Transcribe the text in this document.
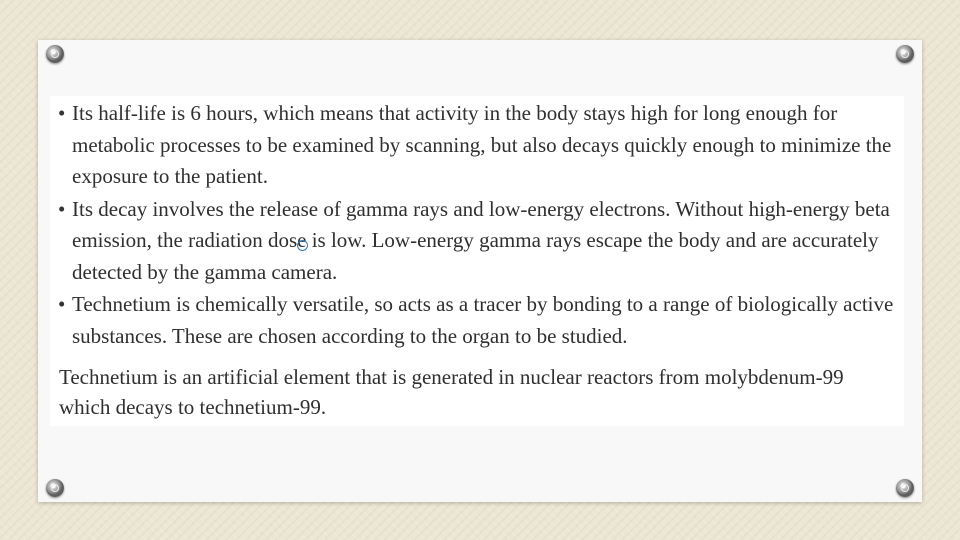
• Its half-life is 6 hours, which means that activity in the body stays high for long enough for metabolic processes to be examined by scanning, but also decays quickly enough to minimize the exposure to the patient.
• Its decay involves the release of gamma rays and low-energy electrons. Without high-energy beta emission, the radiation dose is low. Low-energy gamma rays escape the body and are accurately detected by the gamma camera.
• Technetium is chemically versatile, so acts as a tracer by bonding to a range of biologically active substances. These are chosen according to the organ to be studied.

Technetium is an artificial element that is generated in nuclear reactors from molybdenum-99 which decays to technetium-99.
